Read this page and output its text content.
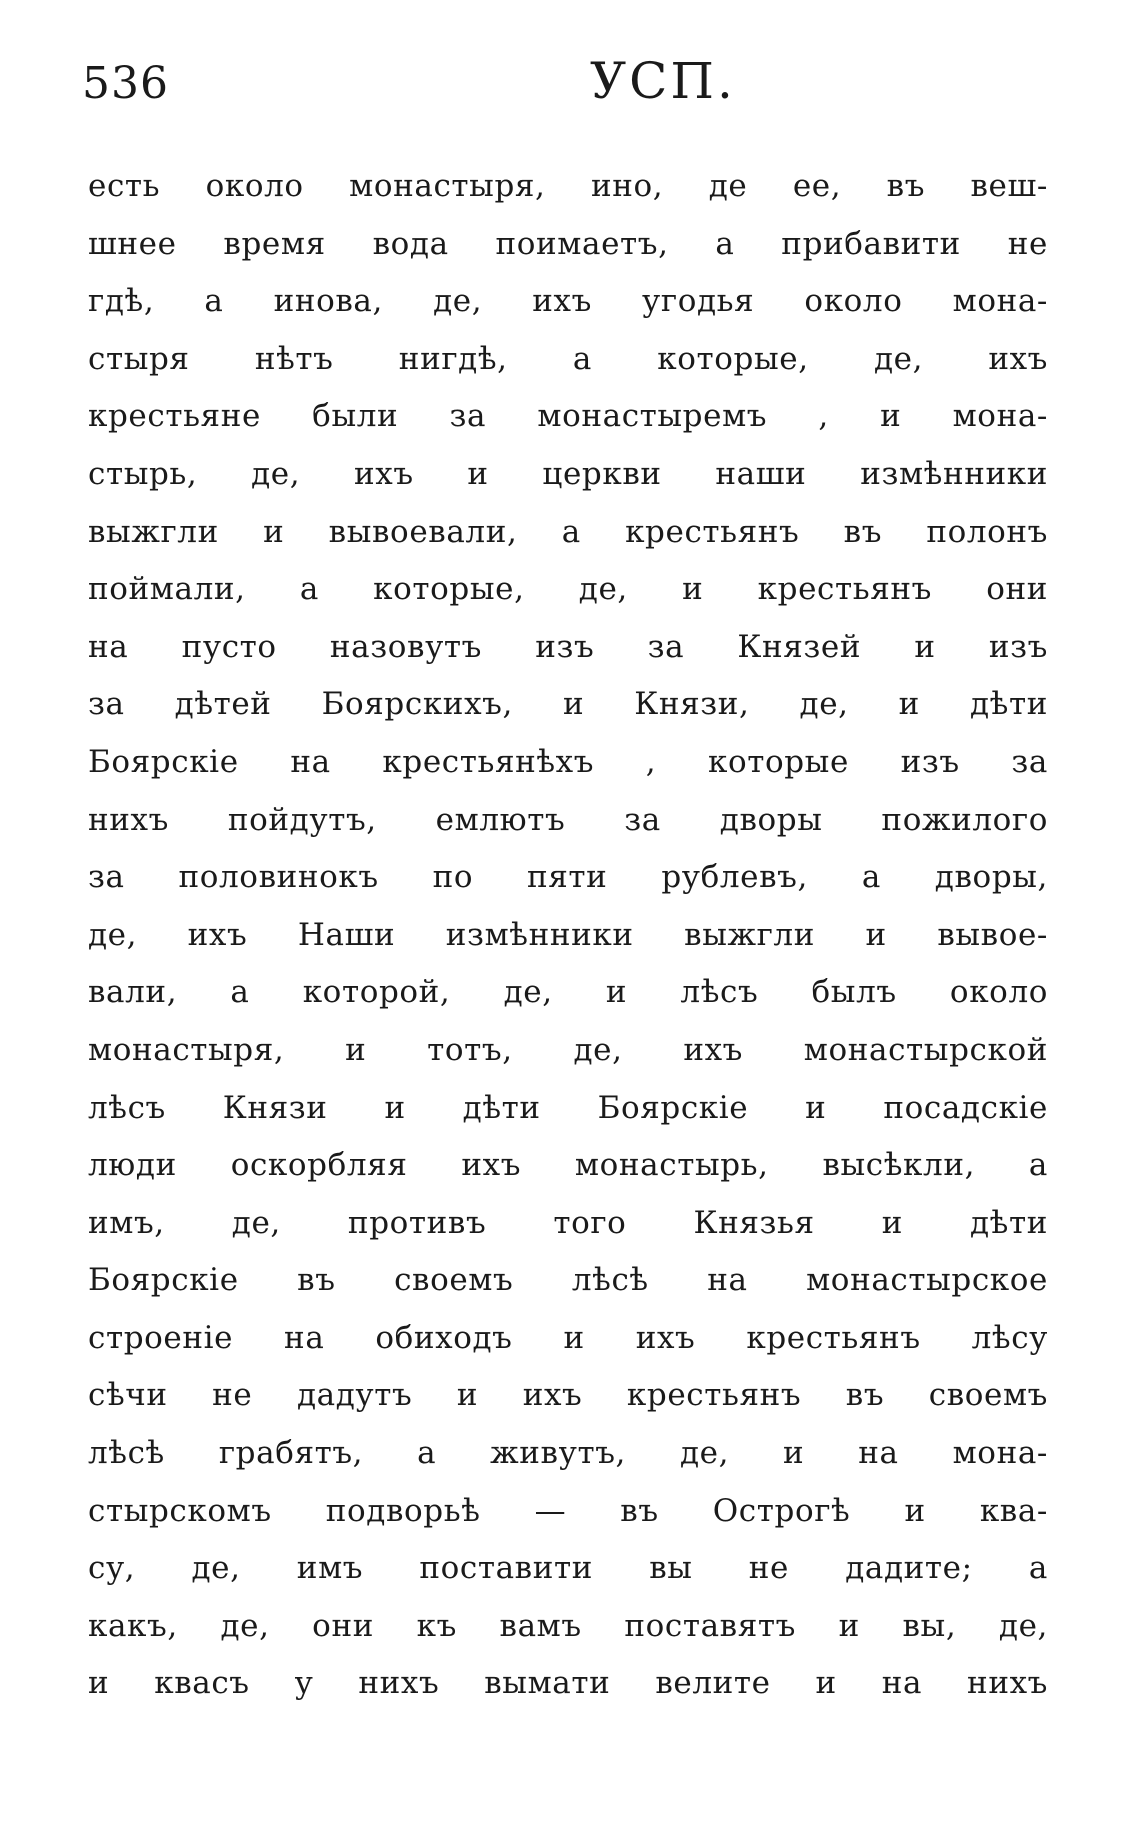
536	УСП.
есть около монастыря, ино, де ее, въ веш-
шнее время вода поимаетъ, а прибавити не
гдѣ, а инова, де, ихъ угодья около мона-
стыря нѣтъ нигдѣ, а которые, де, ихъ
крестьяне были за монастыремъ , и мона-
стырь, де, ихъ и церкви наши измѣнники
выжгли и вывоевали, а крестьянъ въ полонъ
поймали, а которые, де, и крестьянъ они
на пусто назовутъ изъ за Князей и изъ
за дѣтей Боярскихъ, и Князи, де, и дѣти
Боярскіе на крестьянѣхъ , которые изъ за
нихъ пойдутъ, емлютъ за дворы пожилого
за половинокъ по пяти рублевъ, а дворы,
де, ихъ Наши измѣнники выжгли и вывое-
вали, а которой, де, и лѣсъ былъ около
монастыря, и тотъ, де, ихъ монастырской
лѣсъ Князи и дѣти Боярскіе и посадскіе
люди оскорбляя ихъ монастырь, высѣкли, а
имъ, де, противъ того Князья и дѣти
Боярскіе въ своемъ лѣсѣ на монастырское
строеніе на обиходъ и ихъ крестьянъ лѣсу
сѣчи не дадутъ и ихъ крестьянъ въ своемъ
лѣсѣ грабятъ, а живутъ, де, и на мона-
стырскомъ подворьѣ — въ Острогѣ и ква-
су, де, имъ поставити вы не дадите; а
какъ, де, они къ вамъ поставятъ и вы, де,
и квасъ у нихъ вымати велите и на нихъ
